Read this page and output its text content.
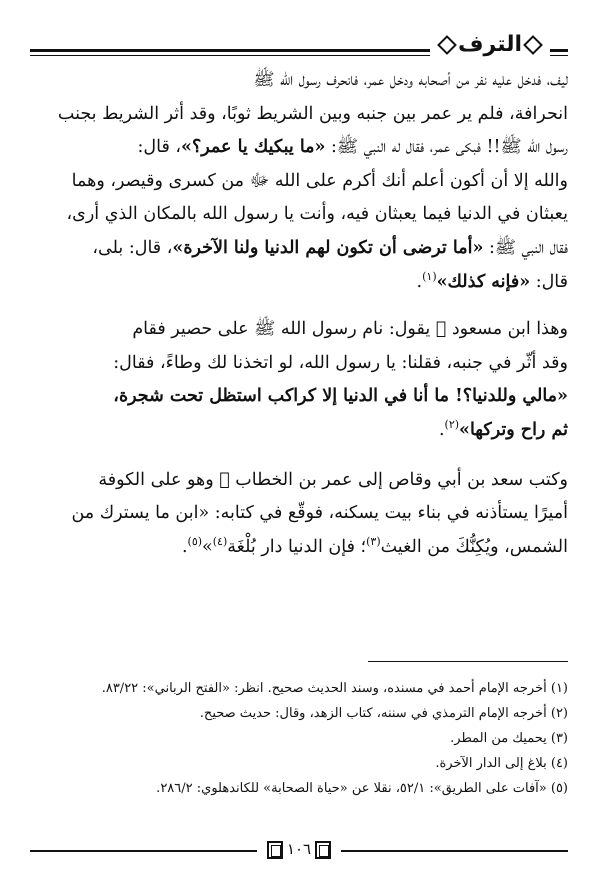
الترف

ليف، فدخل عليه نفر من أصحابه ودخل عمر، فانحرف رسول الله ﷺ
انحرافة، فلم ير عمر بين جنبه وبين الشريط ثوبًا، وقد أثر الشريط بجنب
رسول الله ﷺ!! فبكى عمر، فقال له النبي ﷺ: «ما يبكيك يا عمر؟»، قال:
والله إلا أن أكون أعلم أنك أكرم على الله ﷻ من كسرى وقيصر، وهما
يعبثان في الدنيا فيما يعبثان فيه، وأنت يا رسول الله بالمكان الذي أرى،
فقال النبي ﷺ: «أما ترضى أن تكون لهم الدنيا ولنا الآخرة»، قال: بلى،
قال: «فإنه كذلك»$^{(١)}$.

وهذا ابن مسعود ﷛ يقول: نام رسول الله ﷺ على حصير فقام
وقد أثّر في جنبه، فقلنا: يا رسول الله، لو اتخذنا لك وطاءً، فقال:
«مالي وللدنيا؟! ما أنا في الدنيا إلا كراكب استظل تحت شجرة،
ثم راح وتركها»$^{(٢)}$.

وكتب سعد بن أبي وقاص إلى عمر بن الخطاب ﷛ وهو على الكوفة
أميرًا يستأذنه في بناء بيت يسكنه، فوقّع في كتابه: «ابن ما يسترك من
الشمس، ويُكِنُّكَ من الغيث$^{(٣)}$؛ فإن الدنيا دار بُلْغَة$^{(٤)}$»$^{(٥)}$.

(١) أخرجه الإمام أحمد في مسنده، وسند الحديث صحيح. انظر: «الفتح الرباني»: ٨٣/٢٢.

(٢) أخرجه الإمام الترمذي في سننه، كتاب الزهد، وقال: حديث صحيح.

(٣) يحميك من المطر.

(٤) بلاغ إلى الدار الآخرة.

(٥) «آفات على الطريق»: ٥٢/١، نقلا عن «حياة الصحابة» للكاندهلوي: ٢٨٦/٢.

١٠٦
